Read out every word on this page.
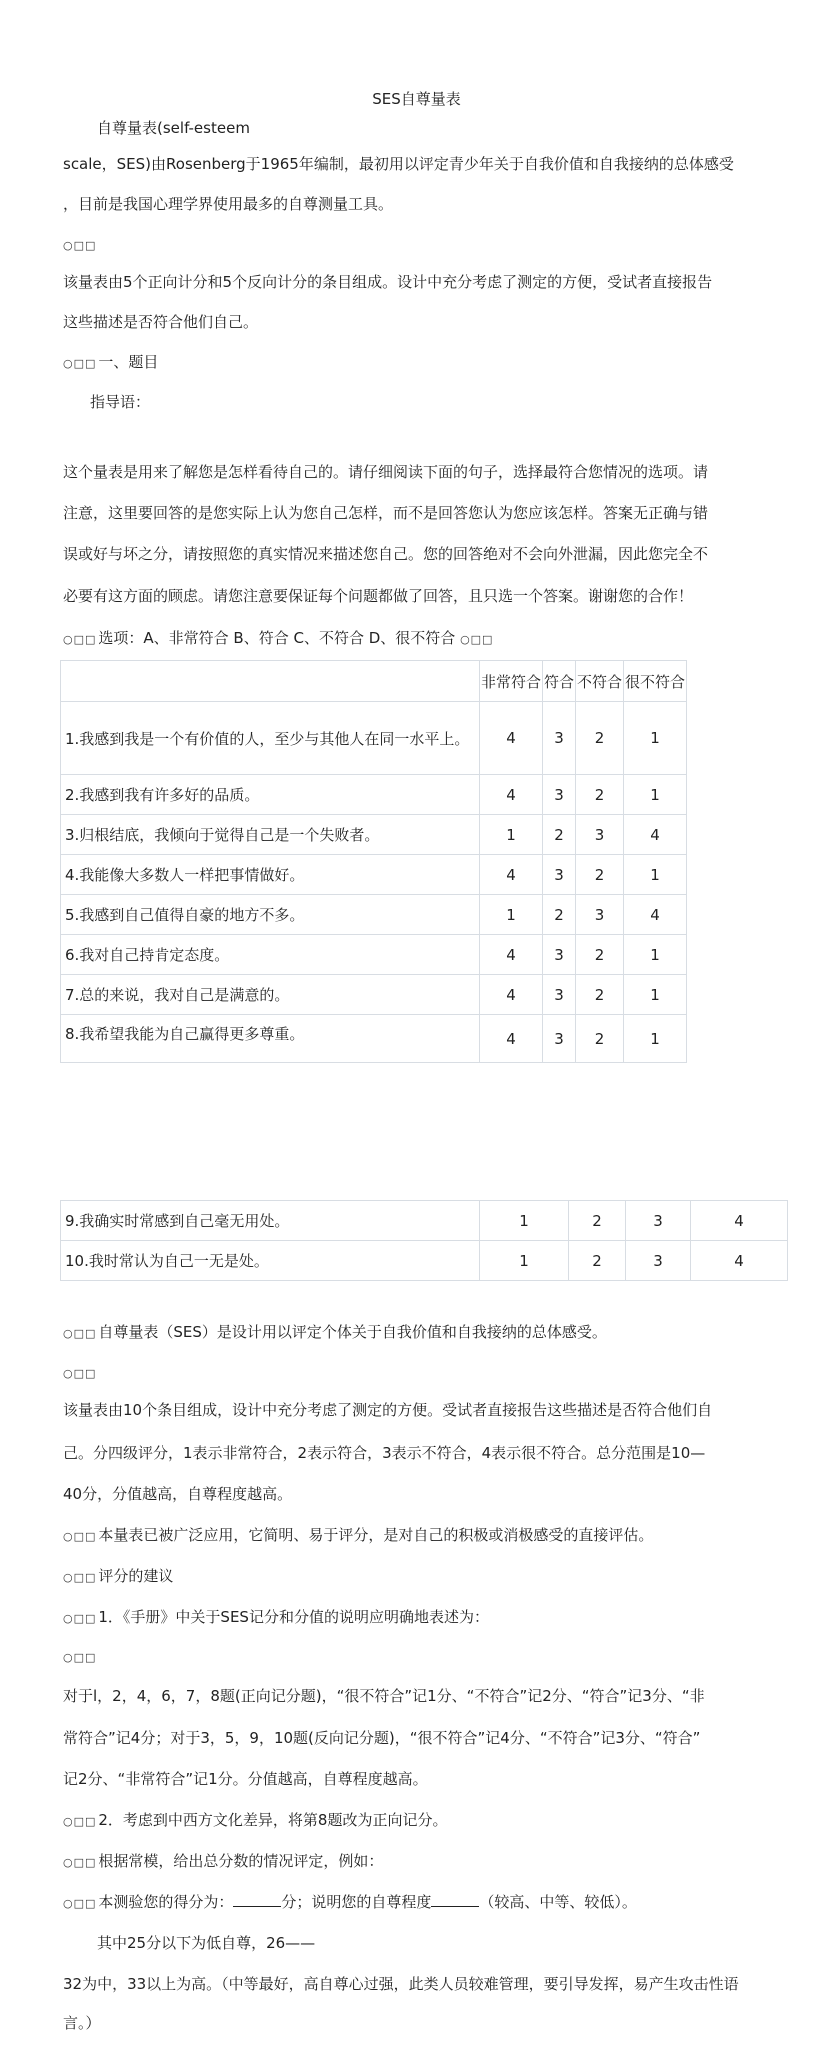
SES自尊量表
自尊量表(self-esteem
scale，SES)由Rosenberg于1965年编制，最初用以评定青少年关于自我价值和自我接纳的总体感受
，目前是我国心理学界使用最多的自尊测量工具。
○□□
该量表由5个正向计分和5个反向计分的条目组成。设计中充分考虑了测定的方便，受试者直接报告
这些描述是否符合他们自己。
○□□ 一、题目
指导语：
这个量表是用来了解您是怎样看待自己的。请仔细阅读下面的句子，选择最符合您情况的选项。请
注意，这里要回答的是您实际上认为您自己怎样，而不是回答您认为您应该怎样。答案无正确与错
误或好与坏之分，请按照您的真实情况来描述您自己。您的回答绝对不会向外泄漏，因此您完全不
必要有这方面的顾虑。请您注意要保证每个问题都做了回答，且只选一个答案。谢谢您的合作！
○□□ 选项：A、非常符合 B、符合 C、不符合 D、很不符合 ○□□
	非常符合	符合	不符合	很不符合
1.我感到我是一个有价值的人，至少与其他人在同一水平上。	4	3	2	1
2.我感到我有许多好的品质。	4	3	2	1
3.归根结底，我倾向于觉得自己是一个失败者。	1	2	3	4
4.我能像大多数人一样把事情做好。	4	3	2	1
5.我感到自己值得自豪的地方不多。	1	2	3	4
6.我对自己持肯定态度。	4	3	2	1
7.总的来说，我对自己是满意的。	4	3	2	1
8.我希望我能为自己赢得更多尊重。	4	3	2	1
9.我确实时常感到自己毫无用处。	1	2	3	4
10.我时常认为自己一无是处。	1	2	3	4
○□□ 自尊量表（SES）是设计用以评定个体关于自我价值和自我接纳的总体感受。
○□□
该量表由10个条目组成，设计中充分考虑了测定的方便。受试者直接报告这些描述是否符合他们自
己。分四级评分，1表示非常符合，2表示符合，3表示不符合，4表示很不符合。总分范围是10—
40分，分值越高，自尊程度越高。
○□□ 本量表已被广泛应用，它简明、易于评分，是对自己的积极或消极感受的直接评估。
○□□ 评分的建议
○□□ 1．《手册》中关于SES记分和分值的说明应明确地表述为：
○□□
对于l，2，4，6，7，8题(正向记分题)，“很不符合”记1分、“不符合”记2分、“符合”记3分、“非
常符合”记4分；对于3，5，9，10题(反向记分题)，“很不符合”记4分、“不符合”记3分、“符合”
记2分、“非常符合”记1分。分值越高，自尊程度越高。
○□□ 2．考虑到中西方文化差异，将第8题改为正向记分。
○□□ 根据常模，给出总分数的情况评定，例如：
○□□ 本测验您的得分为：	分；说明您的自尊程度	（较高、中等、较低）。
其中25分以下为低自尊，26——
32为中，33以上为高。（中等最好，高自尊心过强，此类人员较难管理，要引导发挥，易产生攻击性语
言。）
